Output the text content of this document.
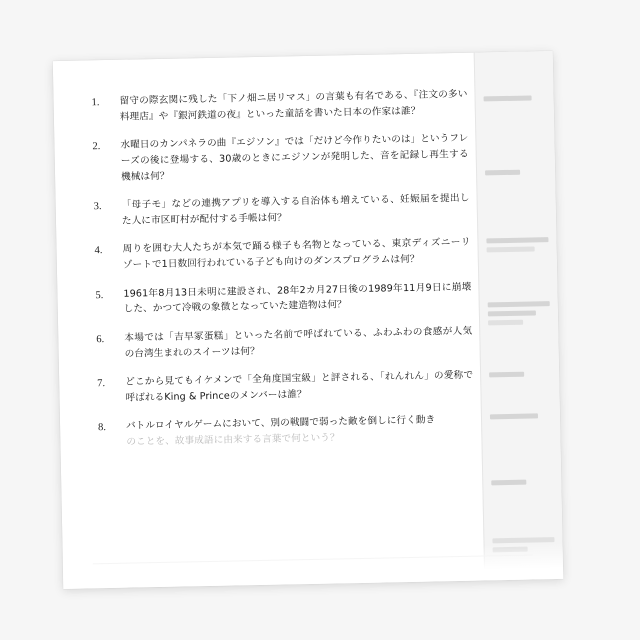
1.	留守の際玄関に残した「下ノ畑ニ居リマス」の言葉も有名である、『注文の多い料理店』や『銀河鉄道の夜』といった童話を書いた日本の作家は誰？
2.	水曜日のカンパネラの曲『エジソン』では「だけど今作りたいのは」というフレーズの後に登場する、30歳のときにエジソンが発明した、音を記録し再生する機械は何？
3.	「母子モ」などの連携アプリを導入する自治体も増えている、妊娠届を提出した人に市区町村が配付する手帳は何？
4.	周りを囲む大人たちが本気で踊る様子も名物となっている、東京ディズニーリゾートで1日数回行われている子ども向けのダンスプログラムは何？
5.	1961年8月13日未明に建設され、28年2カ月27日後の1989年11月9日に崩壊した、かつて冷戦の象徴となっていた建造物は何？
6.	本場では「吉早冢蛋糕」といった名前で呼ばれている、ふわふわの食感が人気の台湾生まれのスイーツは何？
7.	どこから見てもイケメンで「全角度国宝級」と評される、「れんれん」の愛称で呼ばれるKing & Princeのメンバーは誰？
8.	バトルロイヤルゲームにおいて、別の戦闘で弱った敵を倒しに行く動き
のことを、故事成語に由来する言葉で何という？
